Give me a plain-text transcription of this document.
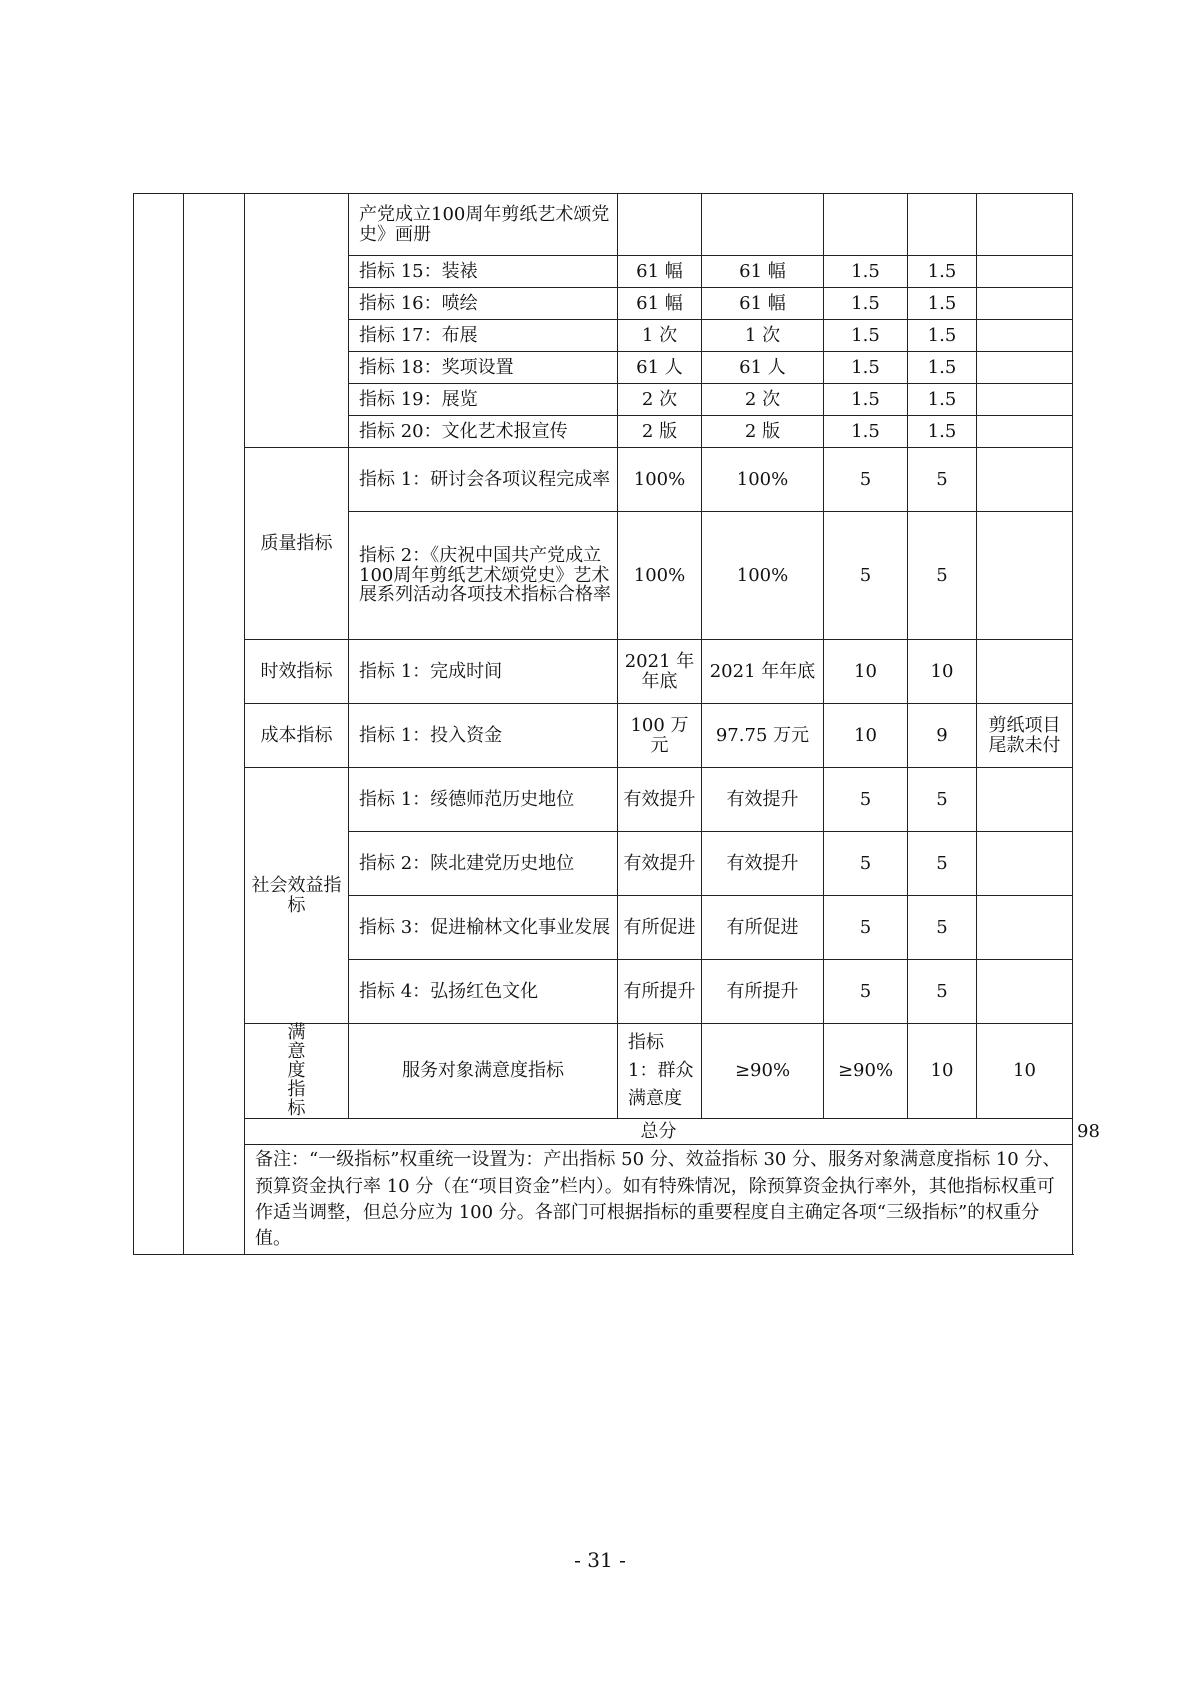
			产党成立100周年剪纸艺术颂党史》画册						
			指标 15：装裱	61 幅	61 幅	1.5	1.5		
			指标 16：喷绘	61 幅	61 幅	1.5	1.5		
			指标 17：布展	1 次	1 次	1.5	1.5		
			指标 18：奖项设置	61 人	61 人	1.5	1.5		
			指标 19：展览	2 次	2 次	1.5	1.5		
			指标 20：文化艺术报宣传	2 版	2 版	1.5	1.5		
		质量指标	指标 1：研讨会各项议程完成率	100%	100%	5	5		
			指标 2：《庆祝中国共产党成立100周年剪纸艺术颂党史》艺术展系列活动各项技术指标合格率	100%	100%	5	5		
		时效指标	指标 1：完成时间	2021 年年底	2021 年年底	10	10		
		成本指标	指标 1：投入资金	100 万元	97.75 万元	10	9	剪纸项目尾款未付	
		社会效益指标	指标 1：绥德师范历史地位	有效提升	有效提升	5	5		
			指标 2：陕北建党历史地位	有效提升	有效提升	5	5		
			指标 3：促进榆林文化事业发展	有所促进	有所促进	5	5		
			指标 4：弘扬红色文化	有所提升	有所提升	5	5		

		满意度指标	服务对象满意度指标	指标 1：群众满意度	≥90%	≥90%	10	10	
		总分							98	
		备注：“一级指标”权重统一设置为：产出指标 50 分、效益指标 30 分、服务对象满意度指标 10 分、预算资金执行率 10 分（在“项目资金”栏内）。如有特殊情况，除预算资金执行率外，其他指标权重可作适当调整，但总分应为 100 分。各部门可根据指标的重要程度自主确定各项“三级指标”的权重分值。							
- 31 -
